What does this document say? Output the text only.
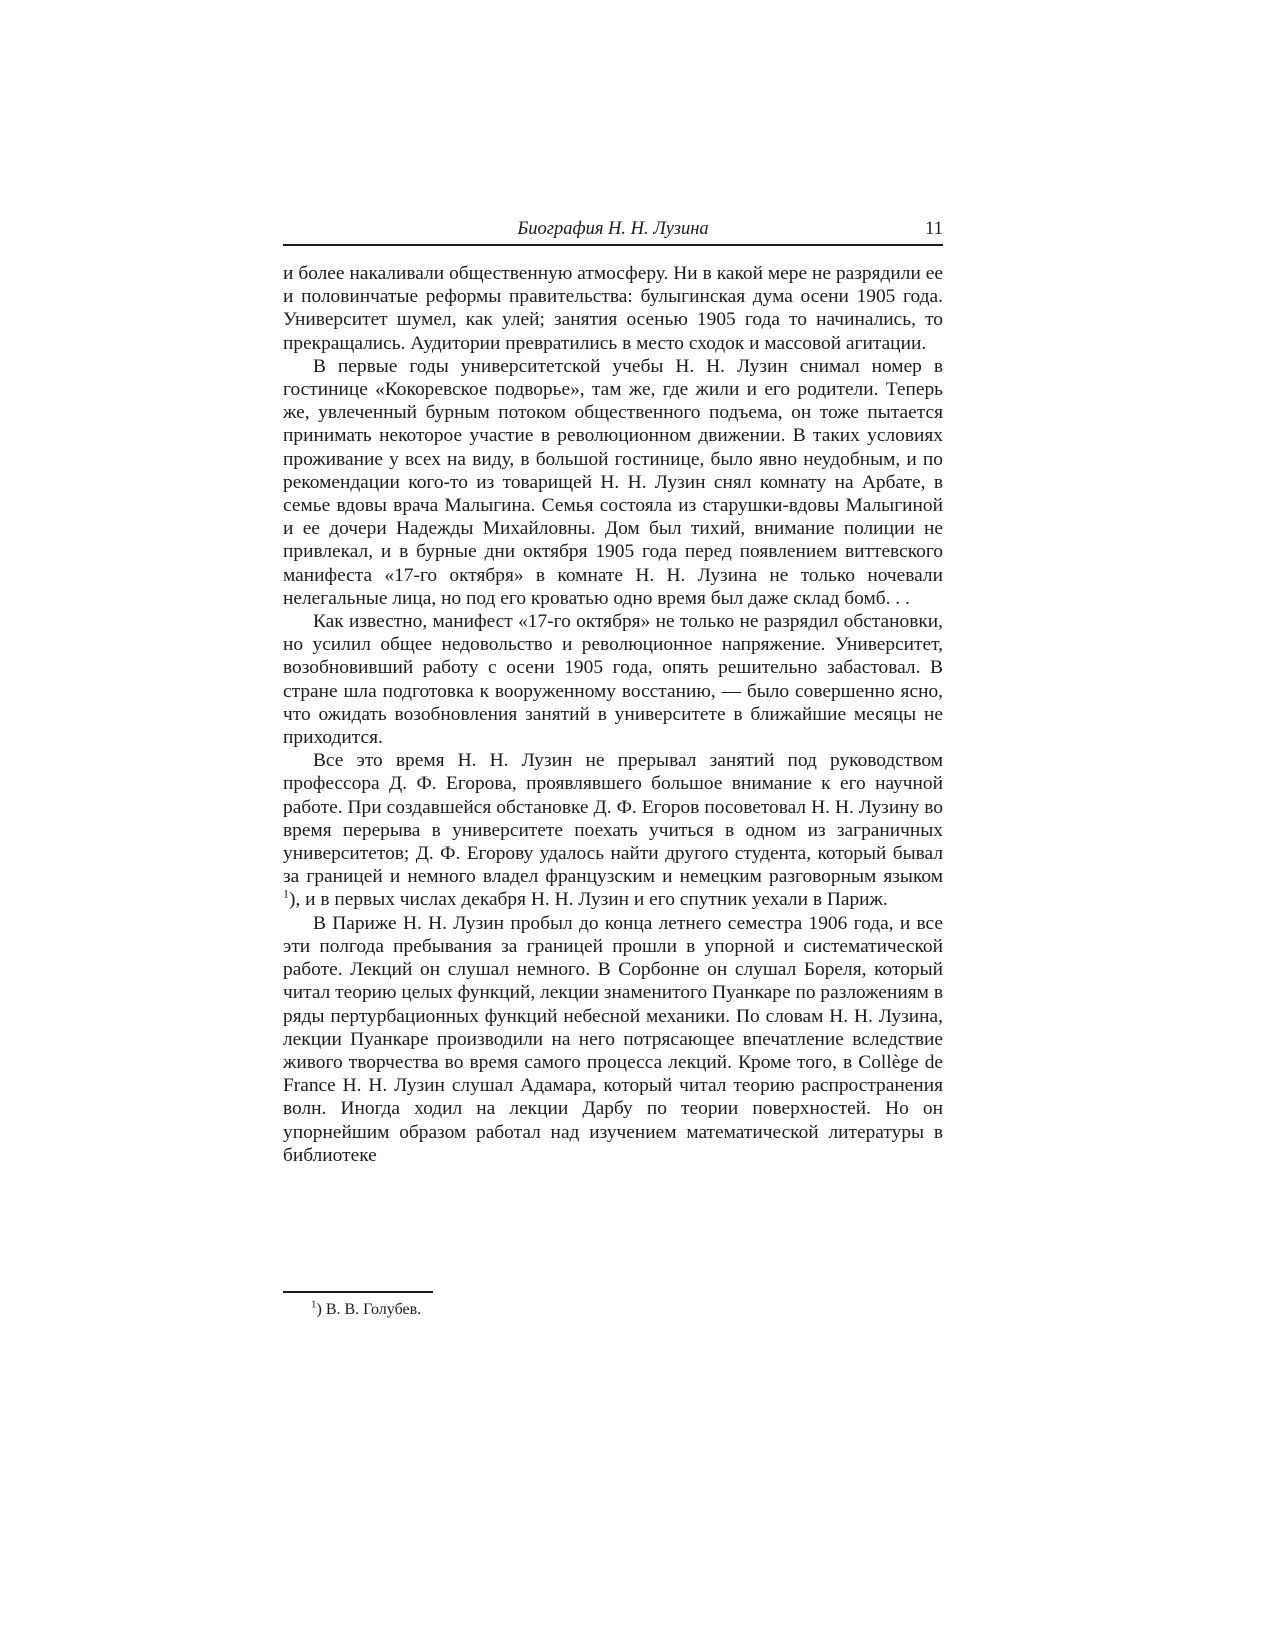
Биография Н. Н. Лузина	11

и более накаливали общественную атмосферу. Ни в какой мере не разрядили ее и половинчатые реформы правительства: булыгинская дума осени 1905 года. Университет шумел, как улей; занятия осенью 1905 года то начинались, то прекращались. Аудитории превратились в место сходок и массовой агитации.

В первые годы университетской учебы Н. Н. Лузин снимал номер в гостинице «Кокоревское подворье», там же, где жили и его родители. Теперь же, увлеченный бурным потоком общественного подъема, он тоже пытается принимать некоторое участие в революционном движении. В таких условиях проживание у всех на виду, в большой гостинице, было явно неудобным, и по рекомендации кого-то из товарищей Н. Н. Лузин снял комнату на Арбате, в семье вдовы врача Малыгина. Семья состояла из старушки-вдовы Малыгиной и ее дочери Надежды Михайловны. Дом был тихий, внимание полиции не привлекал, и в бурные дни октября 1905 года перед появлением виттевского манифеста «17-го октября» в комнате Н. Н. Лузина не только ночевали нелегальные лица, но под его кроватью одно время был даже склад бомб. . .

Как известно, манифест «17-го октября» не только не разрядил обстановки, но усилил общее недовольство и революционное напряжение. Университет, возобновивший работу с осени 1905 года, опять решительно забастовал. В стране шла подготовка к вооруженному восстанию, — было совершенно ясно, что ожидать возобновления занятий в университете в ближайшие месяцы не приходится.

Все это время Н. Н. Лузин не прерывал занятий под руководством профессора Д. Ф. Егорова, проявлявшего большое внимание к его научной работе. При создавшейся обстановке Д. Ф. Егоров посоветовал Н. Н. Лузину во время перерыва в университете поехать учиться в одном из заграничных университетов; Д. Ф. Егорову удалось найти другого студента, который бывал за границей и немного владел французским и немецким разговорным языком $^1$), и в первых числах декабря Н. Н. Лузин и его спутник уехали в Париж.

В Париже Н. Н. Лузин пробыл до конца летнего семестра 1906 года, и все эти полгода пребывания за границей прошли в упорной и систематической работе. Лекций он слушал немного. В Сорбонне он слушал Бореля, который читал теорию целых функций, лекции знаменитого Пуанкаре по разложениям в ряды пертурбационных функций небесной механики. По словам Н. Н. Лузина, лекции Пуанкаре производили на него потрясающее впечатление вследствие живого творчества во время самого процесса лекций. Кроме того, в Collège de France Н. Н. Лузин слушал Адамара, который читал теорию распространения волн. Иногда ходил на лекции Дарбу по теории поверхностей. Но он упорнейшим образом работал над изучением математической литературы в библиотеке

$^1$) В. В. Голубев.
